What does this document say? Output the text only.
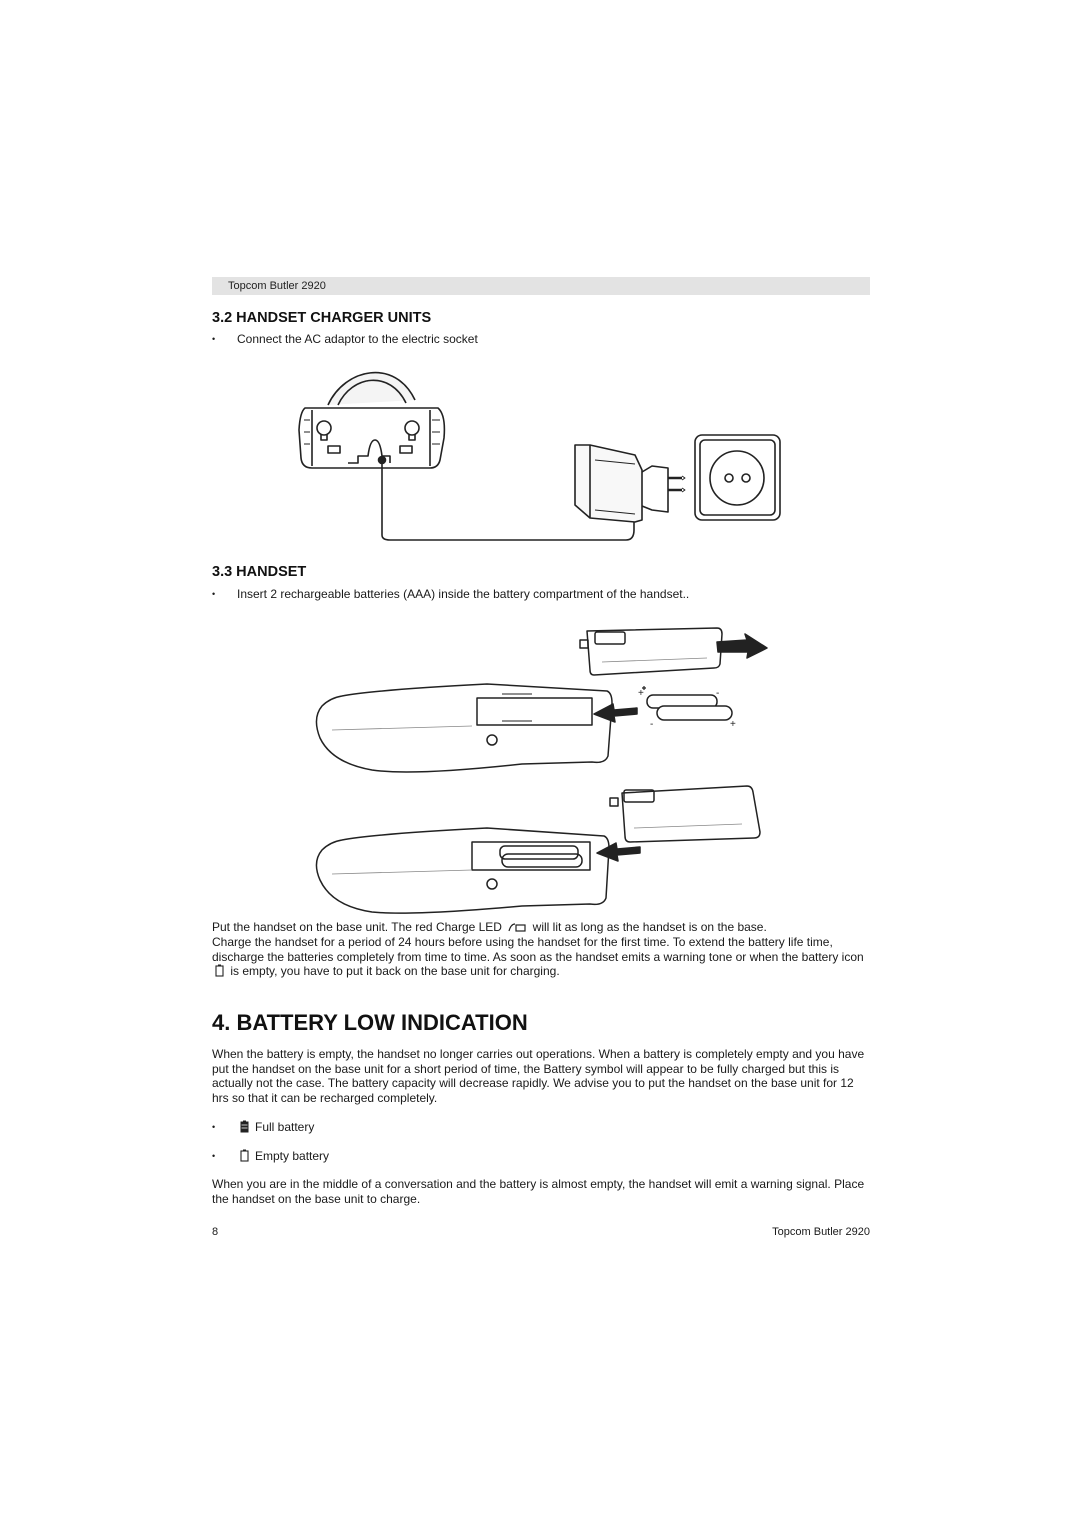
Topcom Butler 2920
3.2 HANDSET CHARGER UNITS
• Connect the AC adaptor to the electric socket
3.3 HANDSET
• Insert 2 rechargeable batteries (AAA) inside the battery compartment of the handset..
+	-
-	+

Put the handset on the base unit. The red Charge LED	will lit as long as the handset is on the base.

Charge the handset for a period of 24 hours before using the handset for the first time. To extend the battery life time, discharge the batteries completely from time to time. As soon as the handset emits a warning tone or when the battery icon  is empty, you have to put it back on the base unit for charging.

4. BATTERY LOW INDICATION

When the battery is empty, the handset no longer carries out operations. When a battery is completely empty and you have put the handset on the base unit for a short period of time, the Battery symbol will appear to be fully charged but this is actually not the case. The battery capacity will decrease rapidly. We advise you to put the handset on the base unit for 12 hrs so that it can be recharged completely.

•	Full battery
•	Empty battery

When you are in the middle of a conversation and the battery is almost empty, the handset will emit a warning signal. Place the handset on the base unit to charge.

8	Topcom Butler 2920
